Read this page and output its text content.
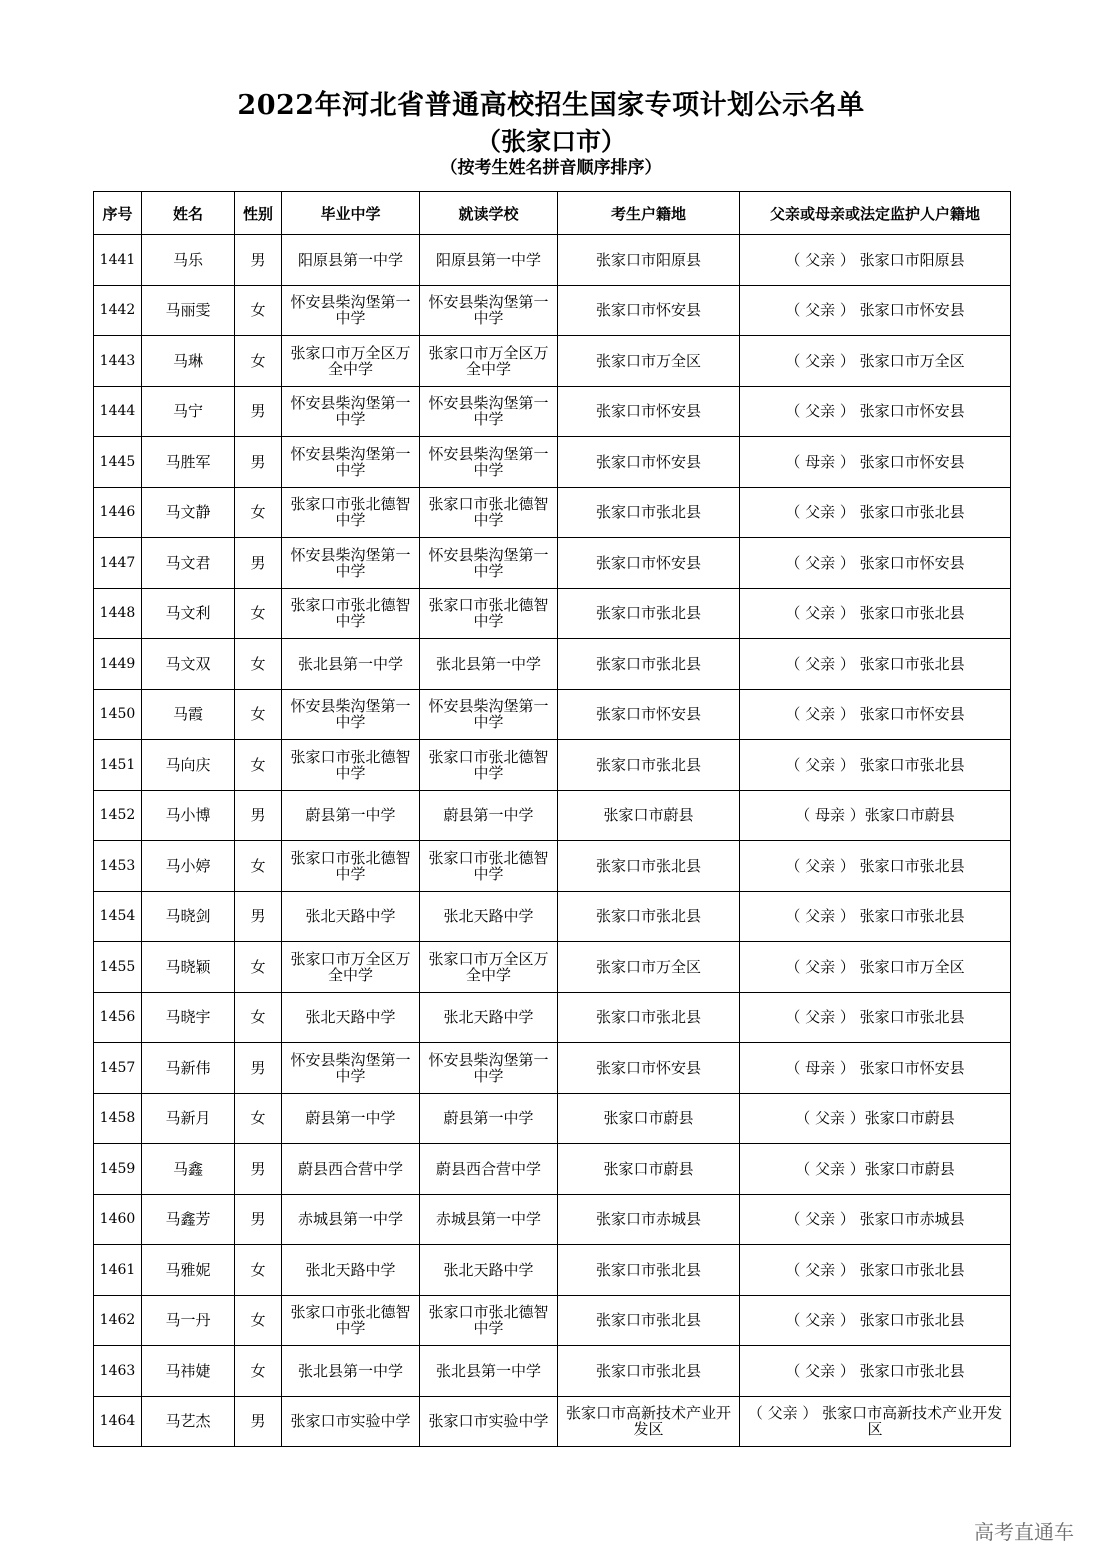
2022年河北省普通高校招生国家专项计划公示名单
（张家口市）
（按考生姓名拼音顺序排序）
序号	姓名	性别	毕业中学	就读学校	考生户籍地	父亲或母亲或法定监护人户籍地
1441	马乐	男	阳原县第一中学	阳原县第一中学	张家口市阳原县	（ 父亲 ） 张家口市阳原县
1442	马丽雯	女	怀安县柴沟堡第一中学	怀安县柴沟堡第一中学	张家口市怀安县	（ 父亲 ） 张家口市怀安县
1443	马琳	女	张家口市万全区万全中学	张家口市万全区万全中学	张家口市万全区	（ 父亲 ） 张家口市万全区
1444	马宁	男	怀安县柴沟堡第一中学	怀安县柴沟堡第一中学	张家口市怀安县	（ 父亲 ） 张家口市怀安县
1445	马胜军	男	怀安县柴沟堡第一中学	怀安县柴沟堡第一中学	张家口市怀安县	（ 母亲 ） 张家口市怀安县
1446	马文静	女	张家口市张北德智中学	张家口市张北德智中学	张家口市张北县	（ 父亲 ） 张家口市张北县
1447	马文君	男	怀安县柴沟堡第一中学	怀安县柴沟堡第一中学	张家口市怀安县	（ 父亲 ） 张家口市怀安县
1448	马文利	女	张家口市张北德智中学	张家口市张北德智中学	张家口市张北县	（ 父亲 ） 张家口市张北县
1449	马文双	女	张北县第一中学	张北县第一中学	张家口市张北县	（ 父亲 ） 张家口市张北县
1450	马霞	女	怀安县柴沟堡第一中学	怀安县柴沟堡第一中学	张家口市怀安县	（ 父亲 ） 张家口市怀安县
1451	马向庆	女	张家口市张北德智中学	张家口市张北德智中学	张家口市张北县	（ 父亲 ） 张家口市张北县
1452	马小博	男	蔚县第一中学	蔚县第一中学	张家口市蔚县	（ 母亲 ）张家口市蔚县
1453	马小婷	女	张家口市张北德智中学	张家口市张北德智中学	张家口市张北县	（ 父亲 ） 张家口市张北县
1454	马晓剑	男	张北天路中学	张北天路中学	张家口市张北县	（ 父亲 ） 张家口市张北县
1455	马晓颖	女	张家口市万全区万全中学	张家口市万全区万全中学	张家口市万全区	（ 父亲 ） 张家口市万全区
1456	马晓宇	女	张北天路中学	张北天路中学	张家口市张北县	（ 父亲 ） 张家口市张北县
1457	马新伟	男	怀安县柴沟堡第一中学	怀安县柴沟堡第一中学	张家口市怀安县	（ 母亲 ） 张家口市怀安县
1458	马新月	女	蔚县第一中学	蔚县第一中学	张家口市蔚县	（ 父亲 ）张家口市蔚县
1459	马鑫	男	蔚县西合营中学	蔚县西合营中学	张家口市蔚县	（ 父亲 ）张家口市蔚县
1460	马鑫芳	男	赤城县第一中学	赤城县第一中学	张家口市赤城县	（ 父亲 ） 张家口市赤城县
1461	马雅妮	女	张北天路中学	张北天路中学	张家口市张北县	（ 父亲 ） 张家口市张北县
1462	马一丹	女	张家口市张北德智中学	张家口市张北德智中学	张家口市张北县	（ 父亲 ） 张家口市张北县
1463	马祎婕	女	张北县第一中学	张北县第一中学	张家口市张北县	（ 父亲 ） 张家口市张北县
1464	马艺杰	男	张家口市实验中学	张家口市实验中学	张家口市高新技术产业开发区	（ 父亲 ） 张家口市高新技术产业开发区
高考直通车
